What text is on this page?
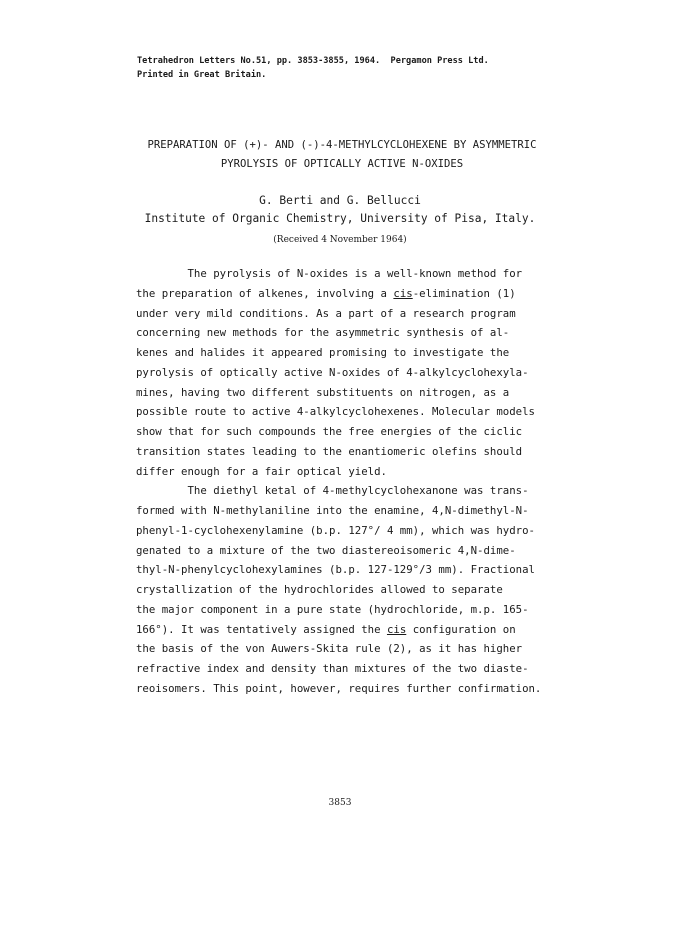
Tetrahedron Letters No.51, pp. 3853-3855, 1964.  Pergamon Press Ltd.
Printed in Great Britain.
PREPARATION OF (+)- AND (-)-4-METHYLCYCLOHEXENE BY ASYMMETRIC
PYROLYSIS OF OPTICALLY ACTIVE N-OXIDES
G. Berti and G. Bellucci
Institute of Organic Chemistry, University of Pisa, Italy.
(Received 4 November 1964)
The pyrolysis of N-oxides is a well-known method for
the preparation of alkenes, involving a cis-elimination (1)
under very mild conditions. As a part of a research program
concerning new methods for the asymmetric synthesis of al-
kenes and halides it appeared promising to investigate the
pyrolysis of optically active N-oxides of 4-alkylcyclohexyla-
mines, having two different substituents on nitrogen, as a
possible route to active 4-alkylcyclohexenes. Molecular models
show that for such compounds the free energies of the ciclic
transition states leading to the enantiomeric olefins should
differ enough for a fair optical yield.
The diethyl ketal of 4-methylcyclohexanone was trans-
formed with N-methylaniline into the enamine, 4,N-dimethyl-N-
phenyl-1-cyclohexenylamine (b.p. 127°/ 4 mm), which was hydro-
genated to a mixture of the two diastereoisomeric 4,N-dime-
thyl-N-phenylcyclohexylamines (b.p. 127-129°/3 mm). Fractional
crystallization of the hydrochlorides allowed to separate
the major component in a pure state (hydrochloride, m.p. 165-
166°). It was tentatively assigned the cis configuration on
the basis of the von Auwers-Skita rule (2), as it has higher
refractive index and density than mixtures of the two diaste-
reoisomers. This point, however, requires further confirmation.
3853
